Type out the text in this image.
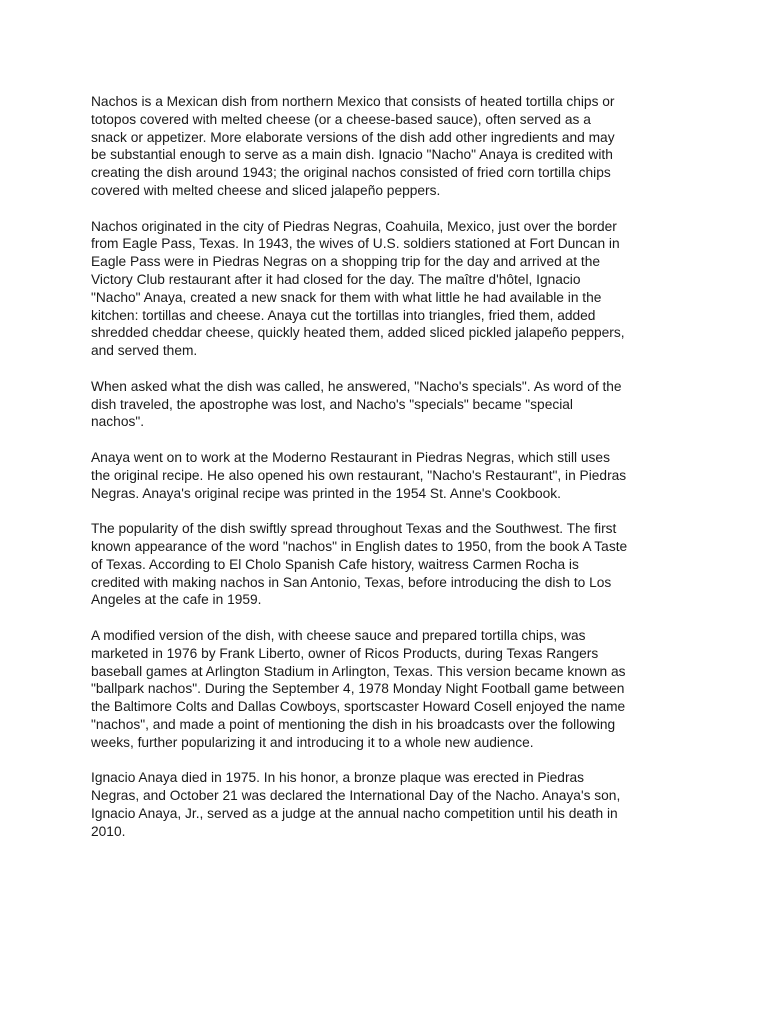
Nachos is a Mexican dish from northern Mexico that consists of heated tortilla chips or
totopos covered with melted cheese (or a cheese-based sauce), often served as a
snack or appetizer. More elaborate versions of the dish add other ingredients and may
be substantial enough to serve as a main dish. Ignacio "Nacho" Anaya is credited with
creating the dish around 1943; the original nachos consisted of fried corn tortilla chips
covered with melted cheese and sliced jalapeño peppers.

Nachos originated in the city of Piedras Negras, Coahuila, Mexico, just over the border
from Eagle Pass, Texas. In 1943, the wives of U.S. soldiers stationed at Fort Duncan in
Eagle Pass were in Piedras Negras on a shopping trip for the day and arrived at the
Victory Club restaurant after it had closed for the day. The maître d'hôtel, Ignacio
"Nacho" Anaya, created a new snack for them with what little he had available in the
kitchen: tortillas and cheese. Anaya cut the tortillas into triangles, fried them, added
shredded cheddar cheese, quickly heated them, added sliced pickled jalapeño peppers,
and served them.

When asked what the dish was called, he answered, "Nacho's specials". As word of the
dish traveled, the apostrophe was lost, and Nacho's "specials" became "special
nachos".

Anaya went on to work at the Moderno Restaurant in Piedras Negras, which still uses
the original recipe. He also opened his own restaurant, "Nacho's Restaurant", in Piedras
Negras. Anaya's original recipe was printed in the 1954 St. Anne's Cookbook.

The popularity of the dish swiftly spread throughout Texas and the Southwest. The first
known appearance of the word "nachos" in English dates to 1950, from the book A Taste
of Texas. According to El Cholo Spanish Cafe history, waitress Carmen Rocha is
credited with making nachos in San Antonio, Texas, before introducing the dish to Los
Angeles at the cafe in 1959.

A modified version of the dish, with cheese sauce and prepared tortilla chips, was
marketed in 1976 by Frank Liberto, owner of Ricos Products, during Texas Rangers
baseball games at Arlington Stadium in Arlington, Texas. This version became known as
"ballpark nachos". During the September 4, 1978 Monday Night Football game between
the Baltimore Colts and Dallas Cowboys, sportscaster Howard Cosell enjoyed the name
"nachos", and made a point of mentioning the dish in his broadcasts over the following
weeks, further popularizing it and introducing it to a whole new audience.

Ignacio Anaya died in 1975. In his honor, a bronze plaque was erected in Piedras
Negras, and October 21 was declared the International Day of the Nacho. Anaya's son,
Ignacio Anaya, Jr., served as a judge at the annual nacho competition until his death in
2010.
